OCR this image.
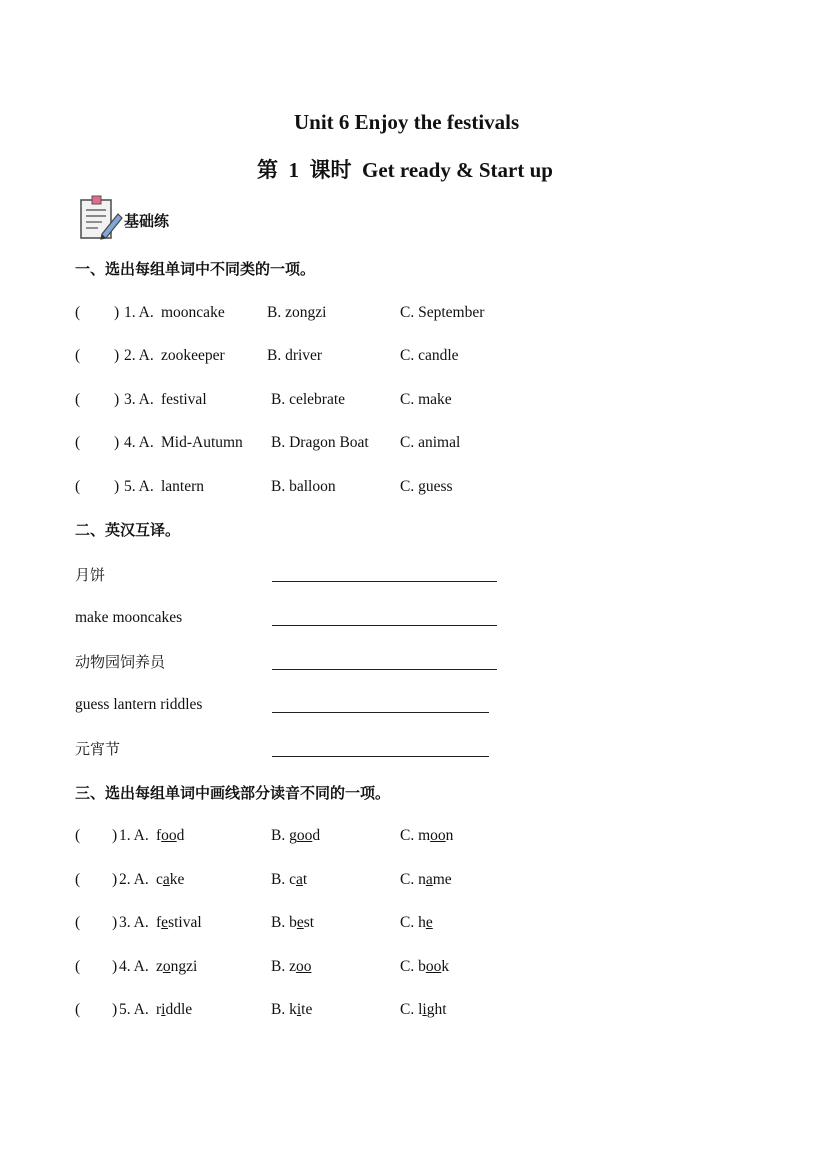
Unit 6 Enjoy the festivals
第  1  课时  Get ready & Start up
基础练
一、选出每组单词中不同类的一项。
( ) 1. A. mooncake	B. zongzi	C. September
( ) 2. A. zookeeper	B. driver	C. candle
( ) 3. A. festival	B. celebrate	C. make
( ) 4. A. Mid-Autumn B. Dragon Boat C. animal
( ) 5. A. lantern	B. balloon	C. guess
二、英汉互译。
月饼
make mooncakes
动物园饲养员
guess lantern riddles
元宵节
三、选出每组单词中画线部分读音不同的一项。
( ) 1. A. food	B. good	C. moon
( ) 2. A. cake	B. cat	C. name
( ) 3. A. festival	B. best	C. he
( ) 4. A. zongzi	B. zoo	C. book
( ) 5. A. riddle	B. kite	C. light
